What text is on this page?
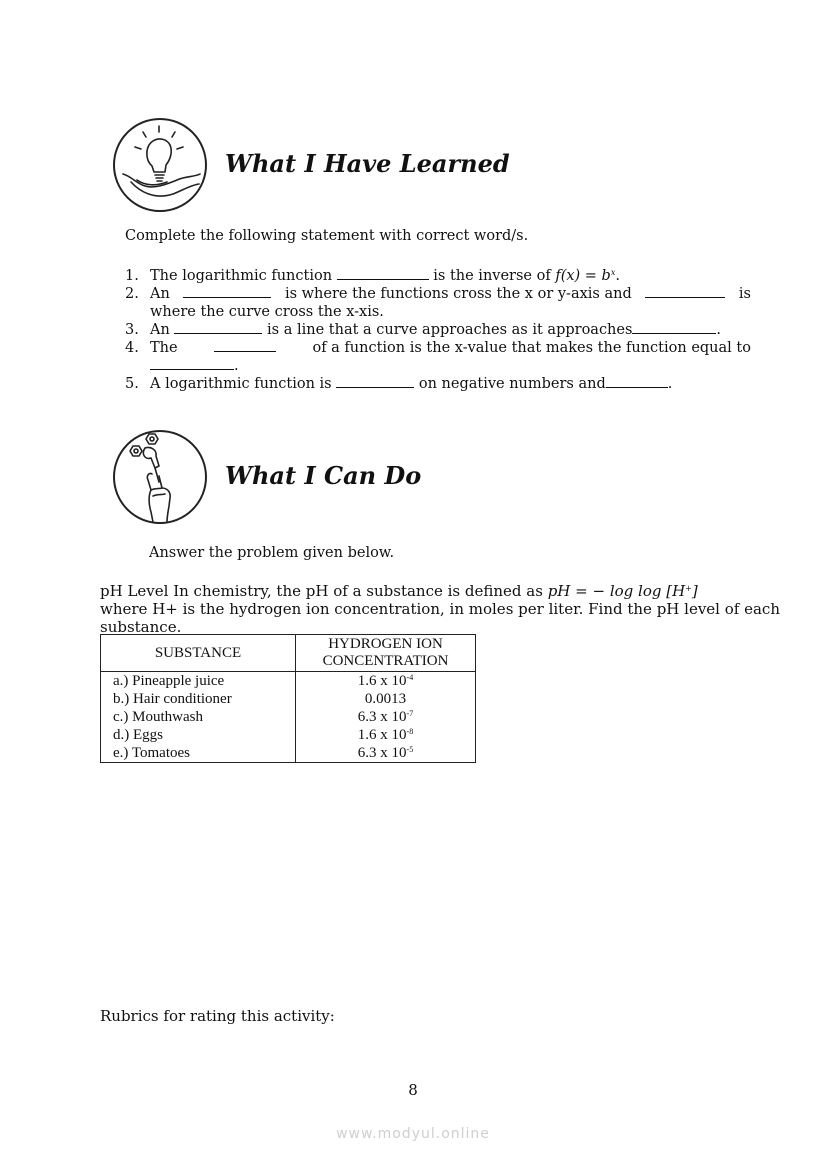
What I Have Learned
Complete the following statement with correct word/s.
1. The logarithmic function	is the inverse of $f(x) = b^x$.
2. An	is where the functions cross the x or y-axis and	is
where the curve cross the x-xis.
3. An	is a line that a curve approaches as it approaches	.
4. The	of a function is the x-value that makes the function equal to
.
5. A logarithmic function is	on negative numbers and	.
What I Can Do
Answer the problem given below.
pH Level In chemistry, the pH of a substance is defined as pH = − log log [H+]
where H+ is the hydrogen ion concentration, in moles per liter. Find the pH level of each
substance.
SUBSTANCE	HYDROGEN ION
CONCENTRATION
a.) Pineapple juice	1.6 x $10^{-4}$
b.) Hair conditioner	0.0013
c.) Mouthwash	6.3 x $10^{-7}$
d.) Eggs	1.6 x $10^{-8}$
e.) Tomatoes	6.3 x $10^{-5}$
Rubrics for rating this activity:
8
www.modyul.online
